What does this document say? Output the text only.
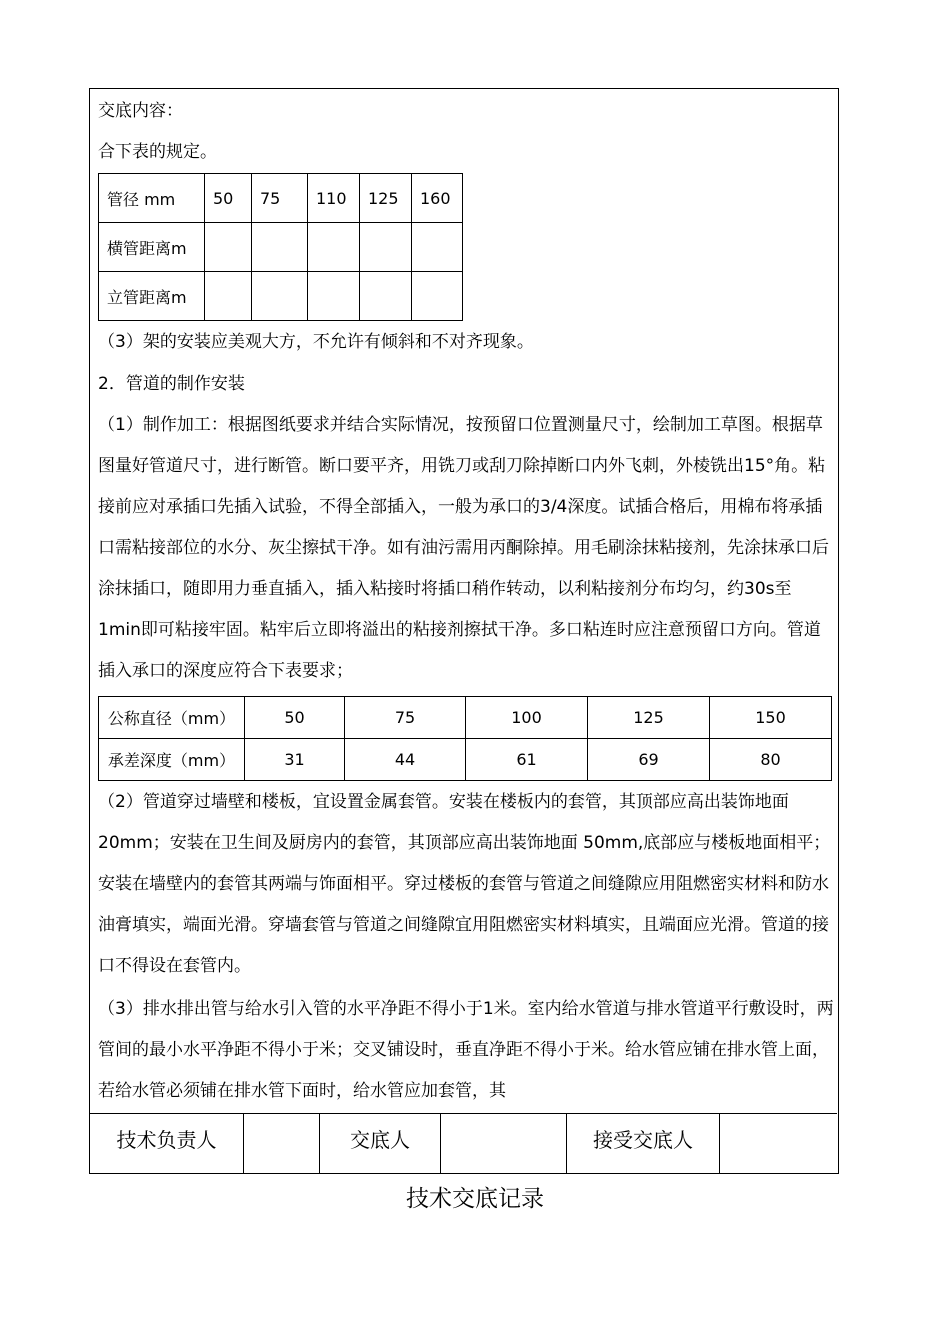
交底内容：
合下表的规定。
管径 mm	50	75	110	125	160
横管距离m					
立管距离m					
（3）架的安装应美观大方，不允许有倾斜和不对齐现象。
2．管道的制作安装
（1）制作加工：根据图纸要求并结合实际情况，按预留口位置测量尺寸，绘制加工草图。根据草图量好管道尺寸，进行断管。断口要平齐，用铣刀或刮刀除掉断口内外飞刺，外棱铣出15°角。粘接前应对承插口先插入试验，不得全部插入，一般为承口的3/4深度。试插合格后，用棉布将承插口需粘接部位的水分、灰尘擦拭干净。如有油污需用丙酮除掉。用毛刷涂抹粘接剂，先涂抹承口后涂抹插口，随即用力垂直插入，插入粘接时将插口稍作转动，以利粘接剂分布均匀，约30s至1min即可粘接牢固。粘牢后立即将溢出的粘接剂擦拭干净。多口粘连时应注意预留口方向。管道插入承口的深度应符合下表要求；
公称直径（mm）	50	75	100	125	150
承差深度（mm）	31	44	61	69	80
（2）管道穿过墙壁和楼板，宜设置金属套管。安装在楼板内的套管，其顶部应高出装饰地面 20mm；安装在卫生间及厨房内的套管，其顶部应高出装饰地面 50mm,底部应与楼板地面相平；安装在墙壁内的套管其两端与饰面相平。穿过楼板的套管与管道之间缝隙应用阻燃密实材料和防水油膏填实，端面光滑。穿墙套管与管道之间缝隙宜用阻燃密实材料填实，且端面应光滑。管道的接口不得设在套管内。
（3）排水排出管与给水引入管的水平净距不得小于1米。室内给水管道与排水管道平行敷设时，两管间的最小水平净距不得小于米；交叉铺设时，垂直净距不得小于米。给水管应铺在排水管上面，若给水管必须铺在排水管下面时，给水管应加套管，其
技术负责人	交底人	接受交底人
技术交底记录
